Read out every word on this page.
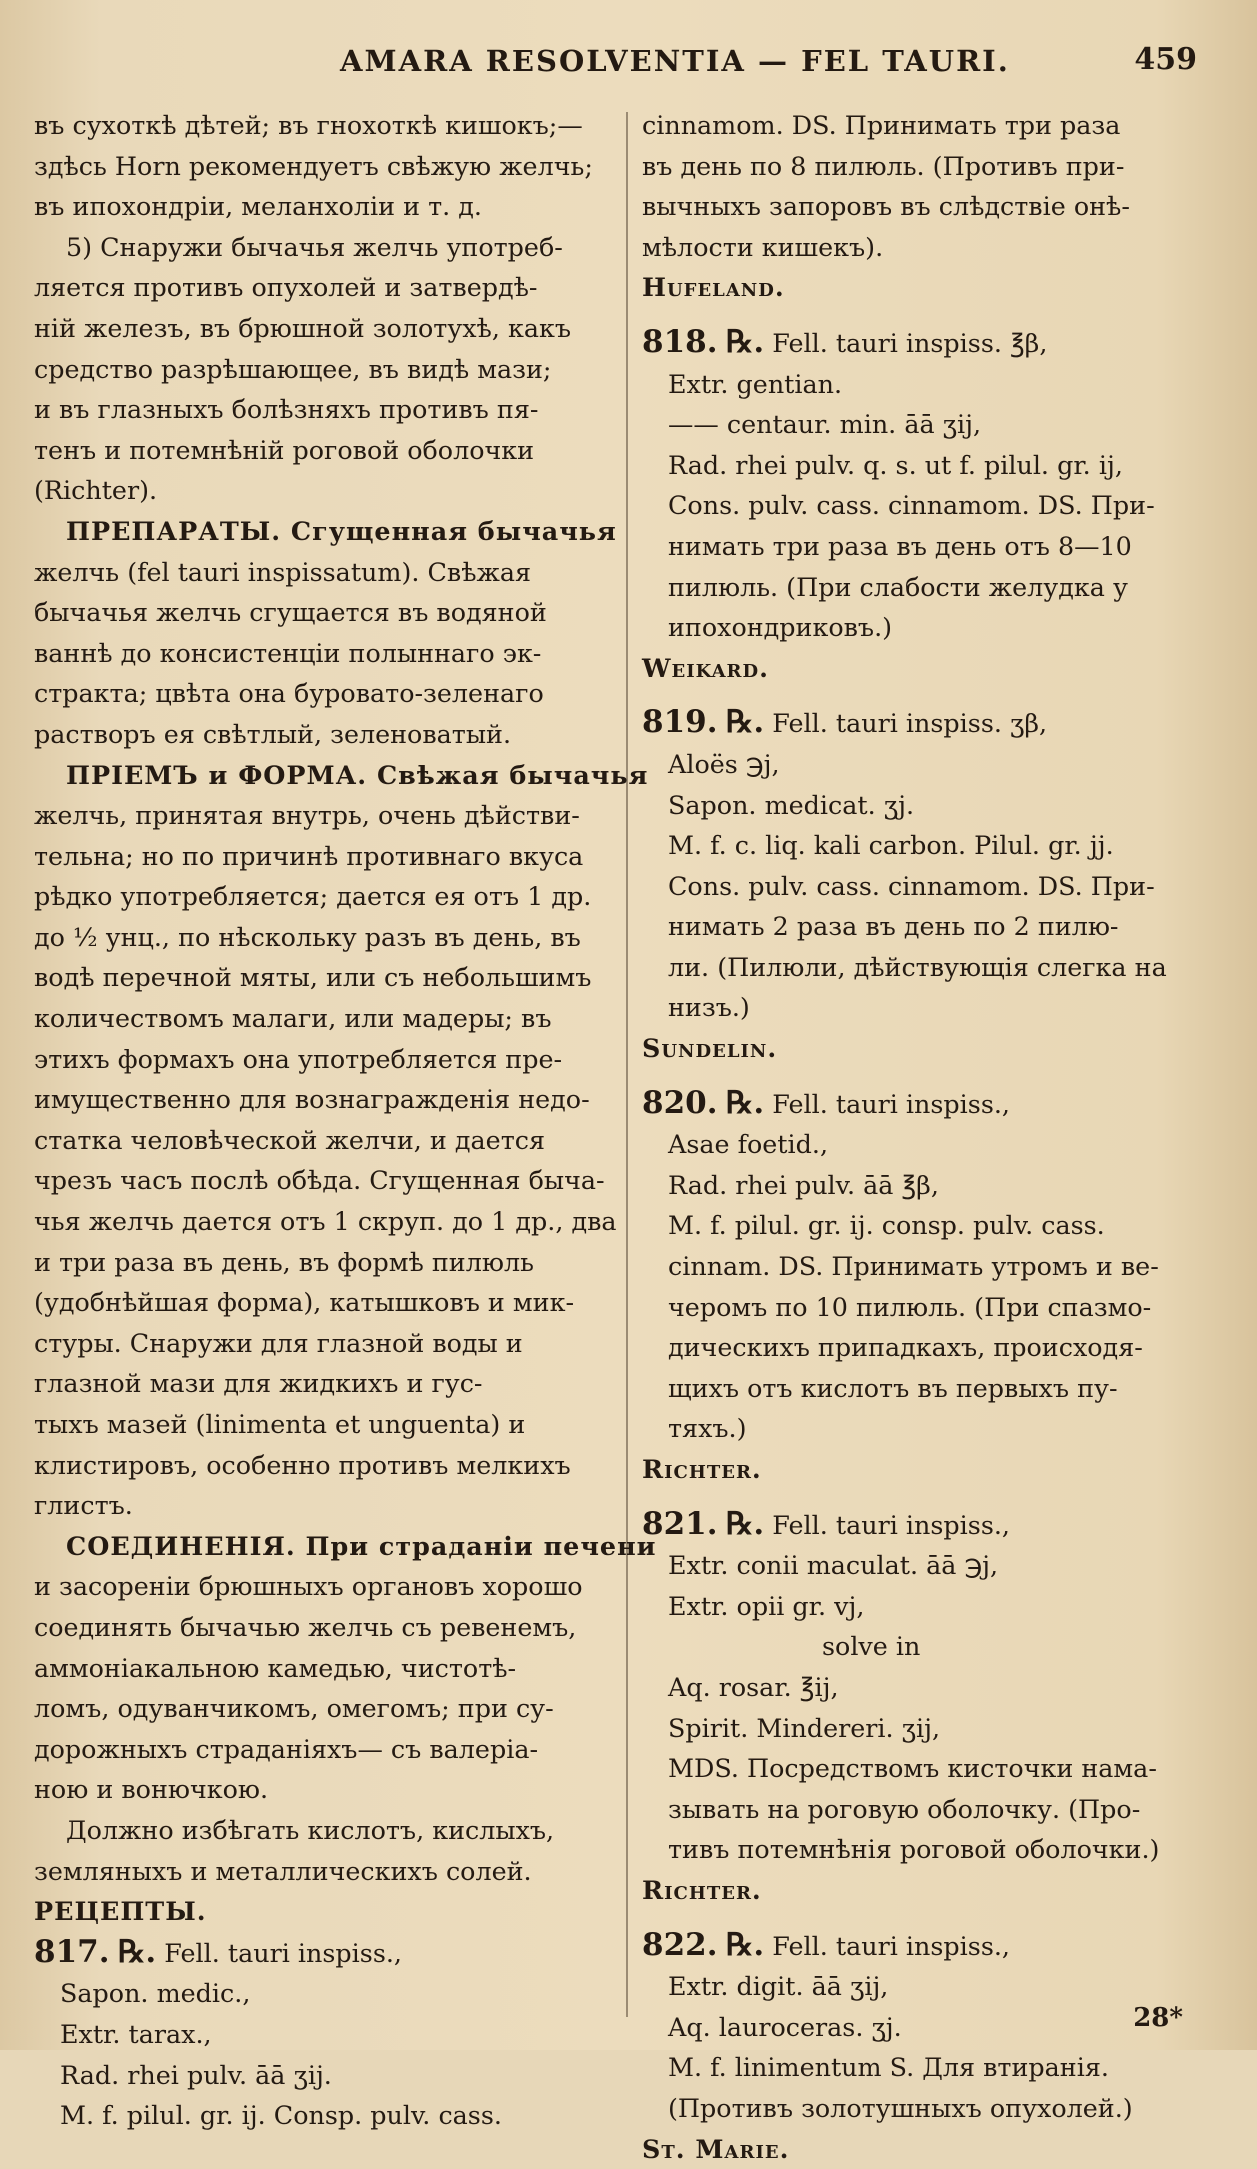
AMARA RESOLVENTIA — FEL TAURI.	459

въ сухоткѣ дѣтей; въ гнохоткѣ кишокъ;—
здѣсь Horn рекомендуетъ свѣжую желчь;
въ ипохондріи, меланхоліи и т. д.

5) Снаружи бычачья желчь употреб-
ляется противъ опухолей и затвердѣ-
ній железъ, въ брюшной золотухѣ, какъ
средство разрѣшающее, въ видѣ мази;
и въ глазныхъ болѣзняхъ противъ пя-
тенъ и потемнѣній роговой оболочки
(Richter).

ПРЕПАРАТЫ. Сгущенная бычачья
желчь (fel tauri inspissatum). Свѣжая
бычачья желчь сгущается въ водяной
ваннѣ до консистенціи полыннаго эк-
стракта; цвѣта она буровато-зеленаго
растворъ ея свѣтлый, зеленоватый.

ПРІЕМЪ и ФОРМА. Свѣжая бычачья
желчь, принятая внутрь, очень дѣйстви-
тельна; но по причинѣ противнаго вкуса
рѣдко употребляется; дается ея отъ 1 др.
до ½ унц., по нѣскольку разъ въ день, въ
водѣ перечной мяты, или съ небольшимъ
количествомъ малаги, или мадеры; въ
этихъ формахъ она употребляется пре-
имущественно для вознагражденія недо-
статка человѣческой желчи, и дается
чрезъ часъ послѣ обѣда. Сгущенная быча-
чья желчь дается отъ 1 скруп. до 1 др., два
и три раза въ день, въ формѣ пилюль
(удобнѣйшая форма), катышковъ и мик-
стуры. Снаружи для глазной воды и
глазной мази для жидкихъ и гус-
тыхъ мазей (linimenta et unguenta) и
клистировъ, особенно противъ мелкихъ
глистъ.

СОЕДИНЕНІЯ. При страданіи печени
и засореніи брюшныхъ органовъ хорошо
соединять бычачью желчь съ ревенемъ,
аммоніакальною камедью, чистотѣ-
ломъ, одуванчикомъ, омегомъ; при су-
дорожныхъ страданіяхъ— съ валеріа-
ною и вонючкою.

Должно избѣгать кислотъ, кислыхъ,
земляныхъ и металлическихъ солей.

РЕЦЕПТЫ.

817. ℞. Fell. tauri inspiss.,
Sapon. medic.,
Extr. tarax.,
Rad. rhei pulv. āā ʒij.
M. f. pilul. gr. ij. Consp. pulv. cass.

cinnamom. DS. Принимать три раза
въ день по 8 пилюль. (Противъ при-
вычныхъ запоровъ въ слѣдствіе онѣ-
мѣлости кишекъ).

Hufeland.

818. ℞. Fell. tauri inspiss. ℥β,
Extr. gentian.
—— centaur. min. āā ʒij,
Rad. rhei pulv. q. s. ut f. pilul. gr. ij,
Cons. pulv. cass. cinnamom. DS. При-
нимать три раза въ день отъ 8—10
пилюль. (При слабости желудка у
ипохондриковъ.)

Weikard.

819. ℞. Fell. tauri inspiss. ʒβ,
Aloës ℈j,
Sapon. medicat. ʒj.
M. f. c. liq. kali carbon. Pilul. gr. jj.
Cons. pulv. cass. cinnamom. DS. При-
нимать 2 раза въ день по 2 пилю-
ли. (Пилюли, дѣйствующія слегка на
низъ.)

Sundelin.

820. ℞. Fell. tauri inspiss.,
Asae foetid.,
Rad. rhei pulv. āā ℥β,
M. f. pilul. gr. ij. consp. pulv. cass.
cinnam. DS. Принимать утромъ и ве-
черомъ по 10 пилюль. (При спазмо-
дическихъ припадкахъ, происходя-
щихъ отъ кислотъ въ первыхъ пу-
тяхъ.)

Richter.

821. ℞. Fell. tauri inspiss.,
Extr. conii maculat. āā ℈j,
Extr. opii gr. vj,
solve in
Aq. rosar. ℥ij,
Spirit. Mindereri. ʒij,
MDS. Посредствомъ кисточки нама-
зывать на роговую оболочку. (Про-
тивъ потемнѣнія роговой оболочки.)

Richter.

822. ℞. Fell. tauri inspiss.,
Extr. digit. āā ʒij,
Aq. lauroceras. ʒj.
M. f. linimentum S. Для втиранія.
(Противъ золотушныхъ опухолей.)

St. Marie.

28*
